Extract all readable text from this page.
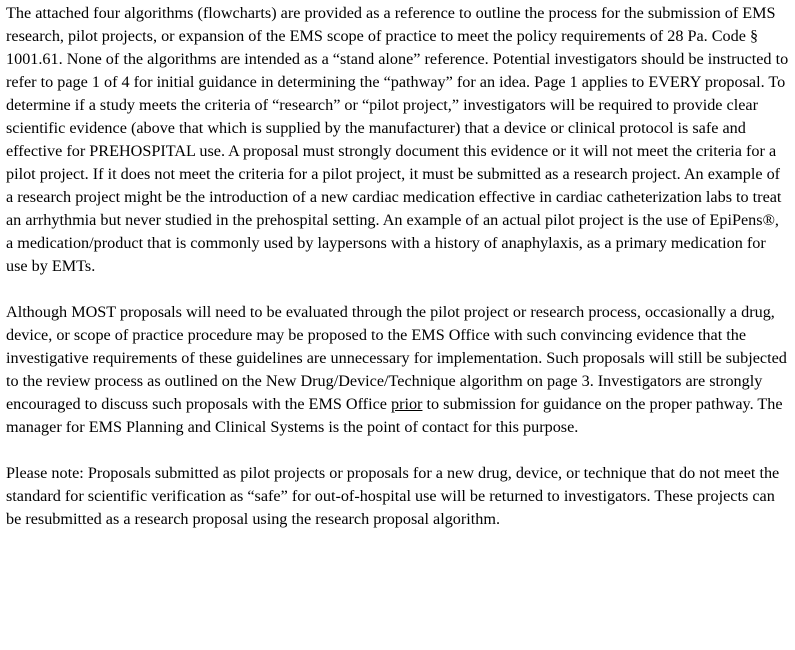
The attached four algorithms (flowcharts) are provided as a reference to outline the process for the submission of EMS research, pilot projects, or expansion of the EMS scope of practice to meet the policy requirements of 28 Pa. Code § 1001.61. None of the algorithms are intended as a “stand alone” reference. Potential investigators should be instructed to refer to page 1 of 4 for initial guidance in determining the “pathway” for an idea. Page 1 applies to EVERY proposal. To determine if a study meets the criteria of “research” or “pilot project,” investigators will be required to provide clear scientific evidence (above that which is supplied by the manufacturer) that a device or clinical protocol is safe and effective for PREHOSPITAL use. A proposal must strongly document this evidence or it will not meet the criteria for a pilot project. If it does not meet the criteria for a pilot project, it must be submitted as a research project. An example of a research project might be the introduction of a new cardiac medication effective in cardiac catheterization labs to treat an arrhythmia but never studied in the prehospital setting. An example of an actual pilot project is the use of EpiPens®, a medication/product that is commonly used by laypersons with a history of anaphylaxis, as a primary medication for use by EMTs.

Although MOST proposals will need to be evaluated through the pilot project or research process, occasionally a drug, device, or scope of practice procedure may be proposed to the EMS Office with such convincing evidence that the investigative requirements of these guidelines are unnecessary for implementation. Such proposals will still be subjected to the review process as outlined on the New Drug/Device/Technique algorithm on page 3. Investigators are strongly encouraged to discuss such proposals with the EMS Office prior to submission for guidance on the proper pathway. The manager for EMS Planning and Clinical Systems is the point of contact for this purpose.

Please note: Proposals submitted as pilot projects or proposals for a new drug, device, or technique that do not meet the standard for scientific verification as “safe” for out-of-hospital use will be returned to investigators. These projects can be resubmitted as a research proposal using the research proposal algorithm.
